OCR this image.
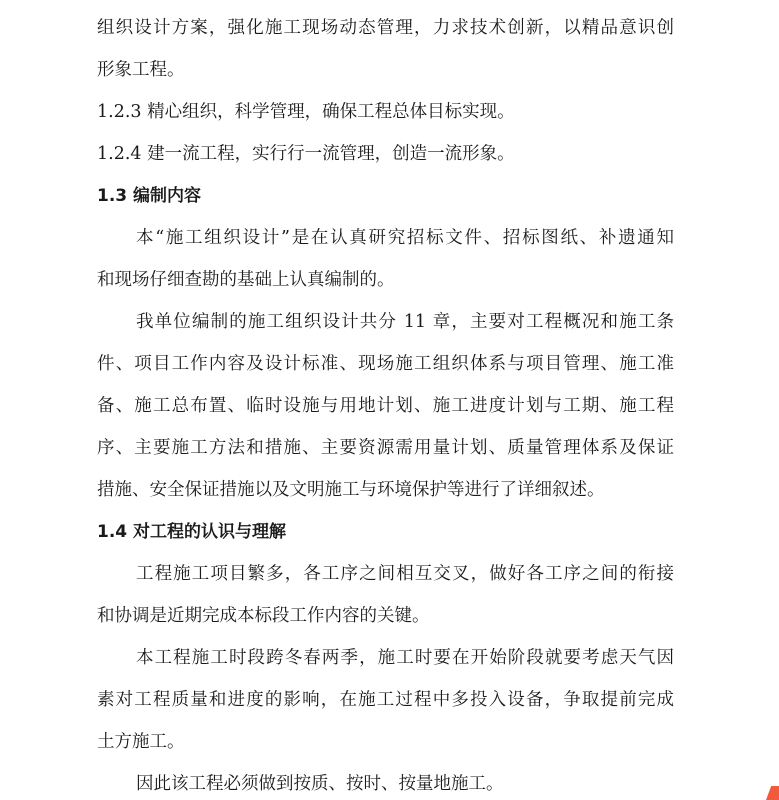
组织设计方案，强化施工现场动态管理，力求技术创新，以精品意识创
形象工程。
1.2.3 精心组织，科学管理，确保工程总体目标实现。
1.2.4 建一流工程，实行行一流管理，创造一流形象。
1.3 编制内容
本“施工组织设计”是在认真研究招标文件、招标图纸、补遗通知
和现场仔细查勘的基础上认真编制的。
我单位编制的施工组织设计共分 11 章，主要对工程概况和施工条
件、项目工作内容及设计标准、现场施工组织体系与项目管理、施工准
备、施工总布置、临时设施与用地计划、施工进度计划与工期、施工程
序、主要施工方法和措施、主要资源需用量计划、质量管理体系及保证
措施、安全保证措施以及文明施工与环境保护等进行了详细叙述。
1.4 对工程的认识与理解
工程施工项目繁多，各工序之间相互交叉，做好各工序之间的衔接
和协调是近期完成本标段工作内容的关键。
本工程施工时段跨冬春两季，施工时要在开始阶段就要考虑天气因
素对工程质量和进度的影响，在施工过程中多投入设备，争取提前完成
土方施工。
因此该工程必须做到按质、按时、按量地施工。
